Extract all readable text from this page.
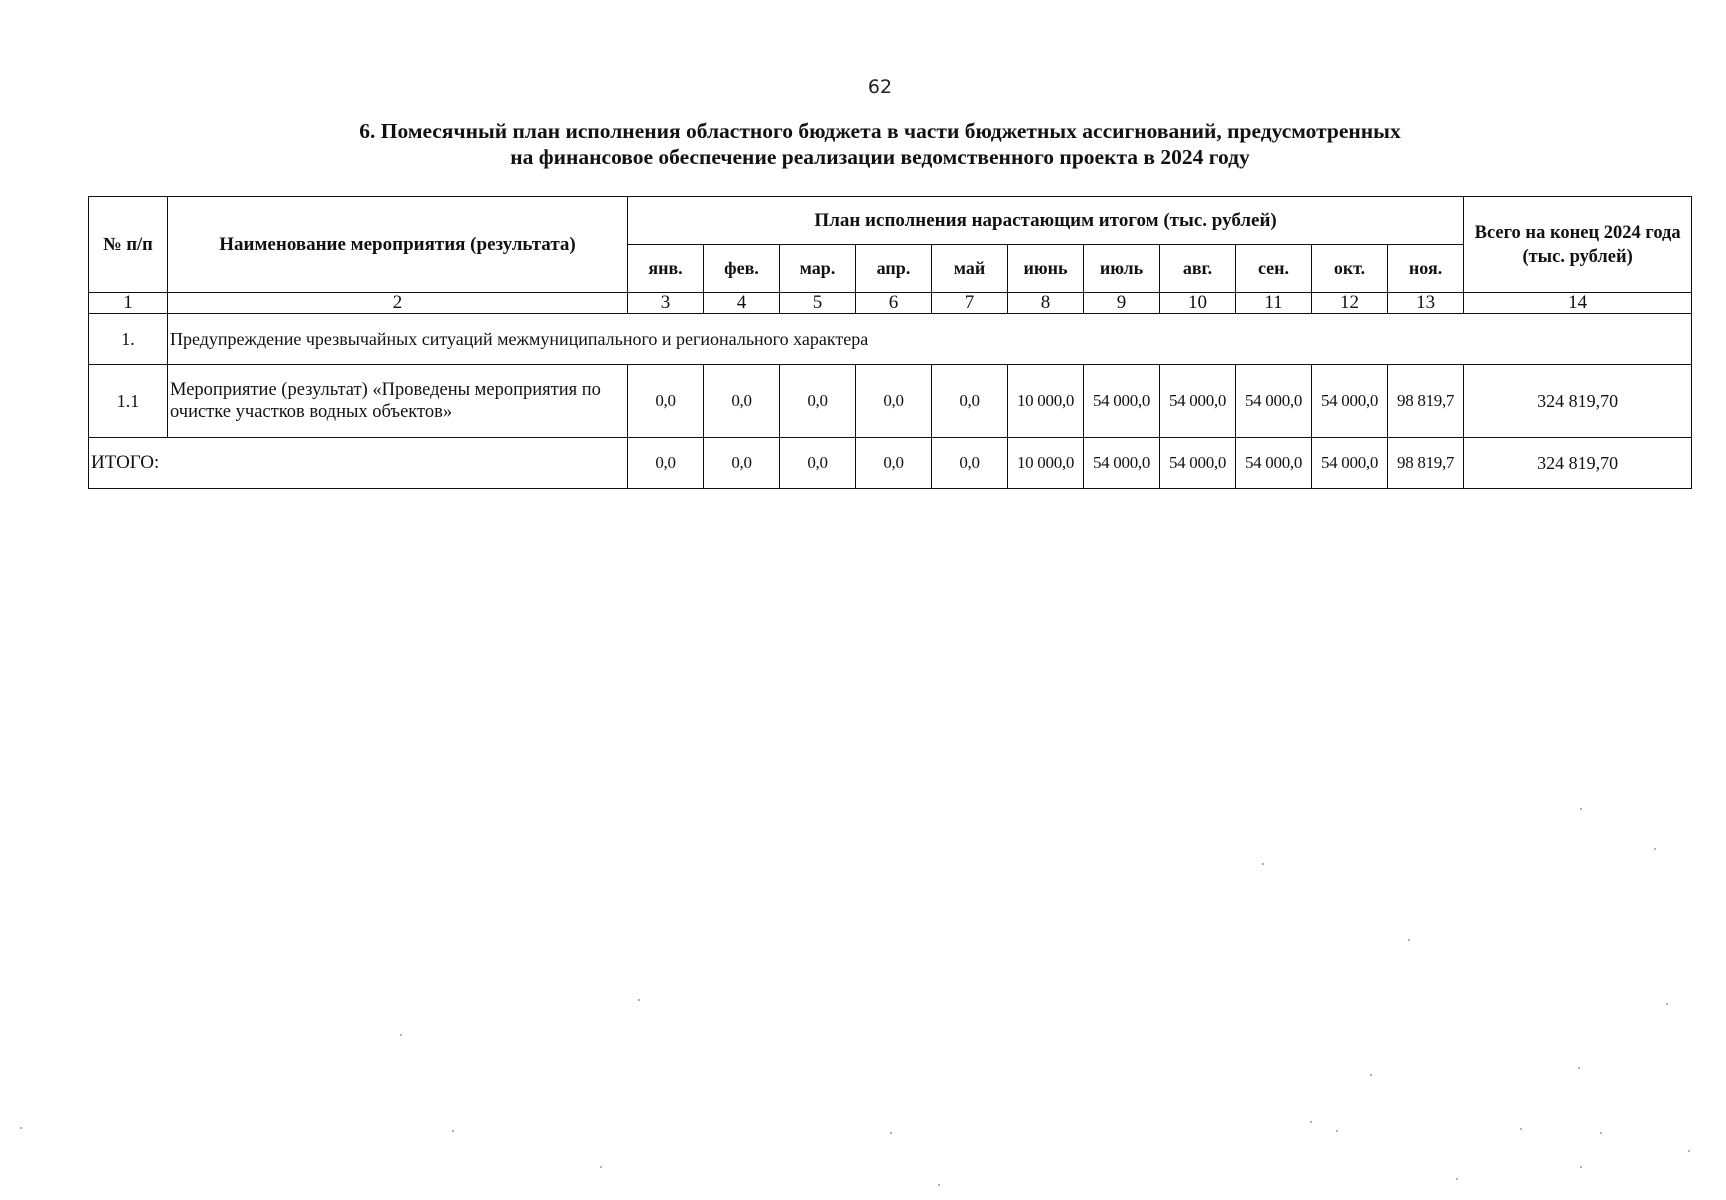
62
6. Помесячный план исполнения областного бюджета в части бюджетных ассигнований, предусмотренных
на финансовое обеспечение реализации ведомственного проекта в 2024 году
№ п/п	Наименование мероприятия (результата)	План исполнения нарастающим итогом (тыс. рублей)											Всего на конец 2024 года (тыс. рублей)
		янв.	фев.	мар.	апр.	май	июнь	июль	авг.	сен.	окт.	ноя.	
1	2	3	4	5	6	7	8	9	10	11	12	13	14
1.	Предупреждение чрезвычайных ситуаций межмуниципального и регионального характера												
1.1	Мероприятие (результат) «Проведены мероприятия по очистке участков водных объектов»	0,0	0,0	0,0	0,0	0,0	10 000,0	54 000,0	54 000,0	54 000,0	54 000,0	98 819,7	324 819,70
ИТОГО:		0,0	0,0	0,0	0,0	0,0	10 000,0	54 000,0	54 000,0	54 000,0	54 000,0	98 819,7	324 819,70
